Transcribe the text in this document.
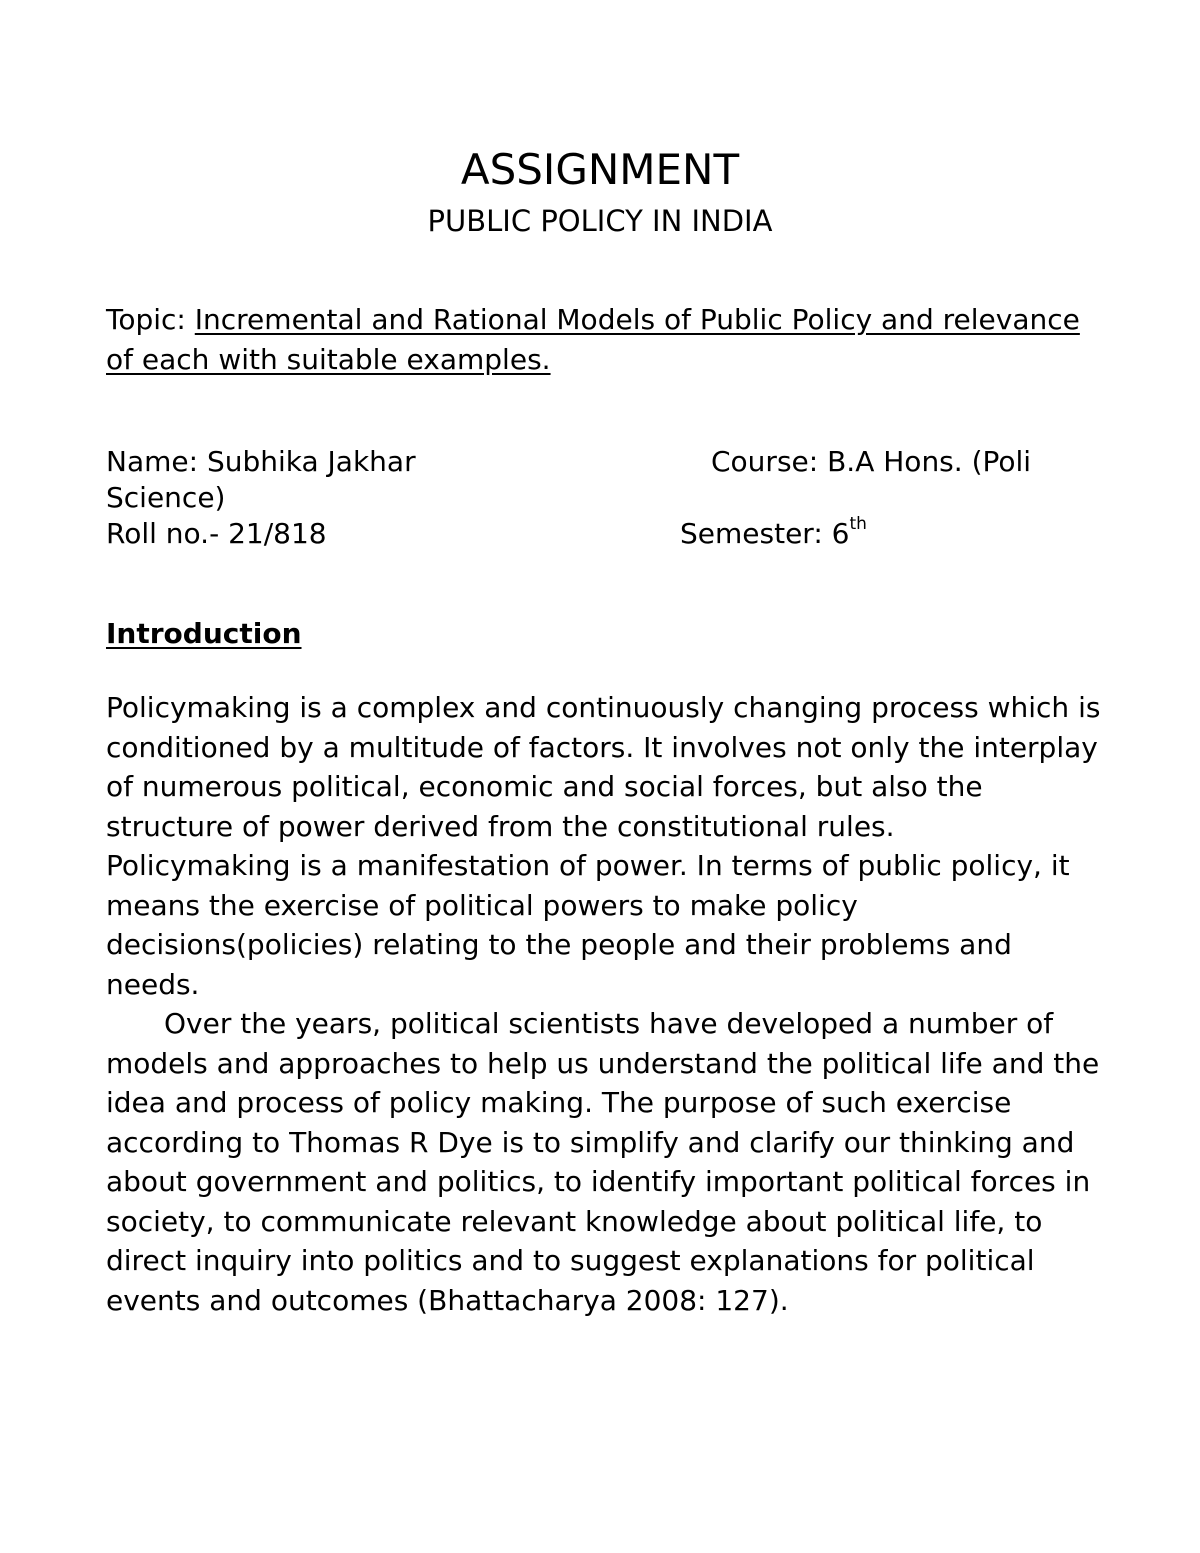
ASSIGNMENT
PUBLIC POLICY IN INDIA

Topic: Incremental and Rational Models of Public Policy and relevance of each with suitable examples.

Name: Subhika Jakhar	Course: B.A Hons. (Poli

Science)

Roll no.- 21/818	Semester: 6th

Introduction

Policymaking is a complex and continuously changing process which is conditioned by a multitude of factors. It involves not only the interplay of numerous political, economic and social forces, but also the structure of power derived from the constitutional rules.

Policymaking is a manifestation of power. In terms of public policy, it means the exercise of political powers to make policy decisions(policies) relating to the people and their problems and needs.

Over the years, political scientists have developed a number of models and approaches to help us understand the political life and the idea and process of policy making. The purpose of such exercise according to Thomas R Dye is to simplify and clarify our thinking and about government and politics, to identify important political forces in society, to communicate relevant knowledge about political life, to direct inquiry into politics and to suggest explanations for political events and outcomes (Bhattacharya 2008: 127).
